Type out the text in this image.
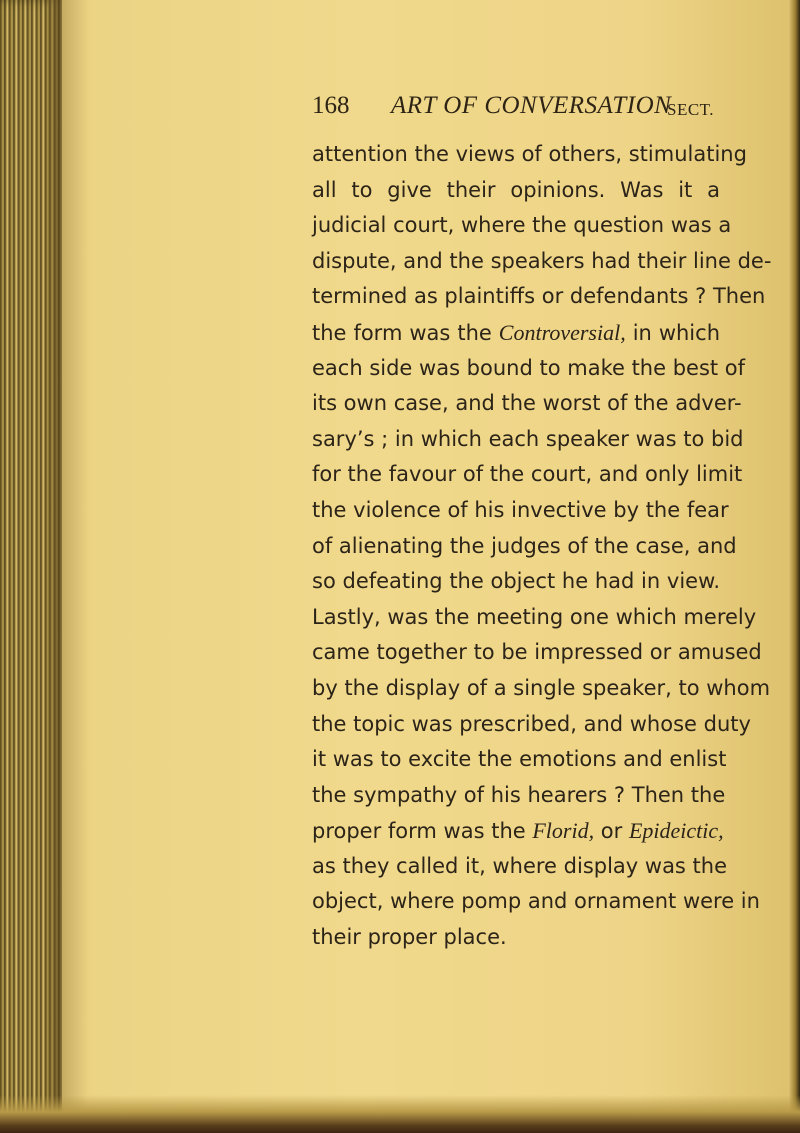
168 ART OF CONVERSATION
SECT.
attention the views of others, stimulating
all to give their opinions. Was it a
judicial court, where the question was a
dispute, and the speakers had their line de-
termined as plaintiffs or defendants ? Then
the form was the Controversial, in which
each side was bound to make the best of
its own case, and the worst of the adver-
sary’s ; in which each speaker was to bid
for the favour of the court, and only limit
the violence of his invective by the fear
of alienating the judges of the case, and
so defeating the object he had in view.
Lastly, was the meeting one which merely
came together to be impressed or amused
by the display of a single speaker, to whom
the topic was prescribed, and whose duty
it was to excite the emotions and enlist
the sympathy of his hearers ? Then the
proper form was the Florid, or Epideictic,
as they called it, where display was the
object, where pomp and ornament were in
their proper place.
